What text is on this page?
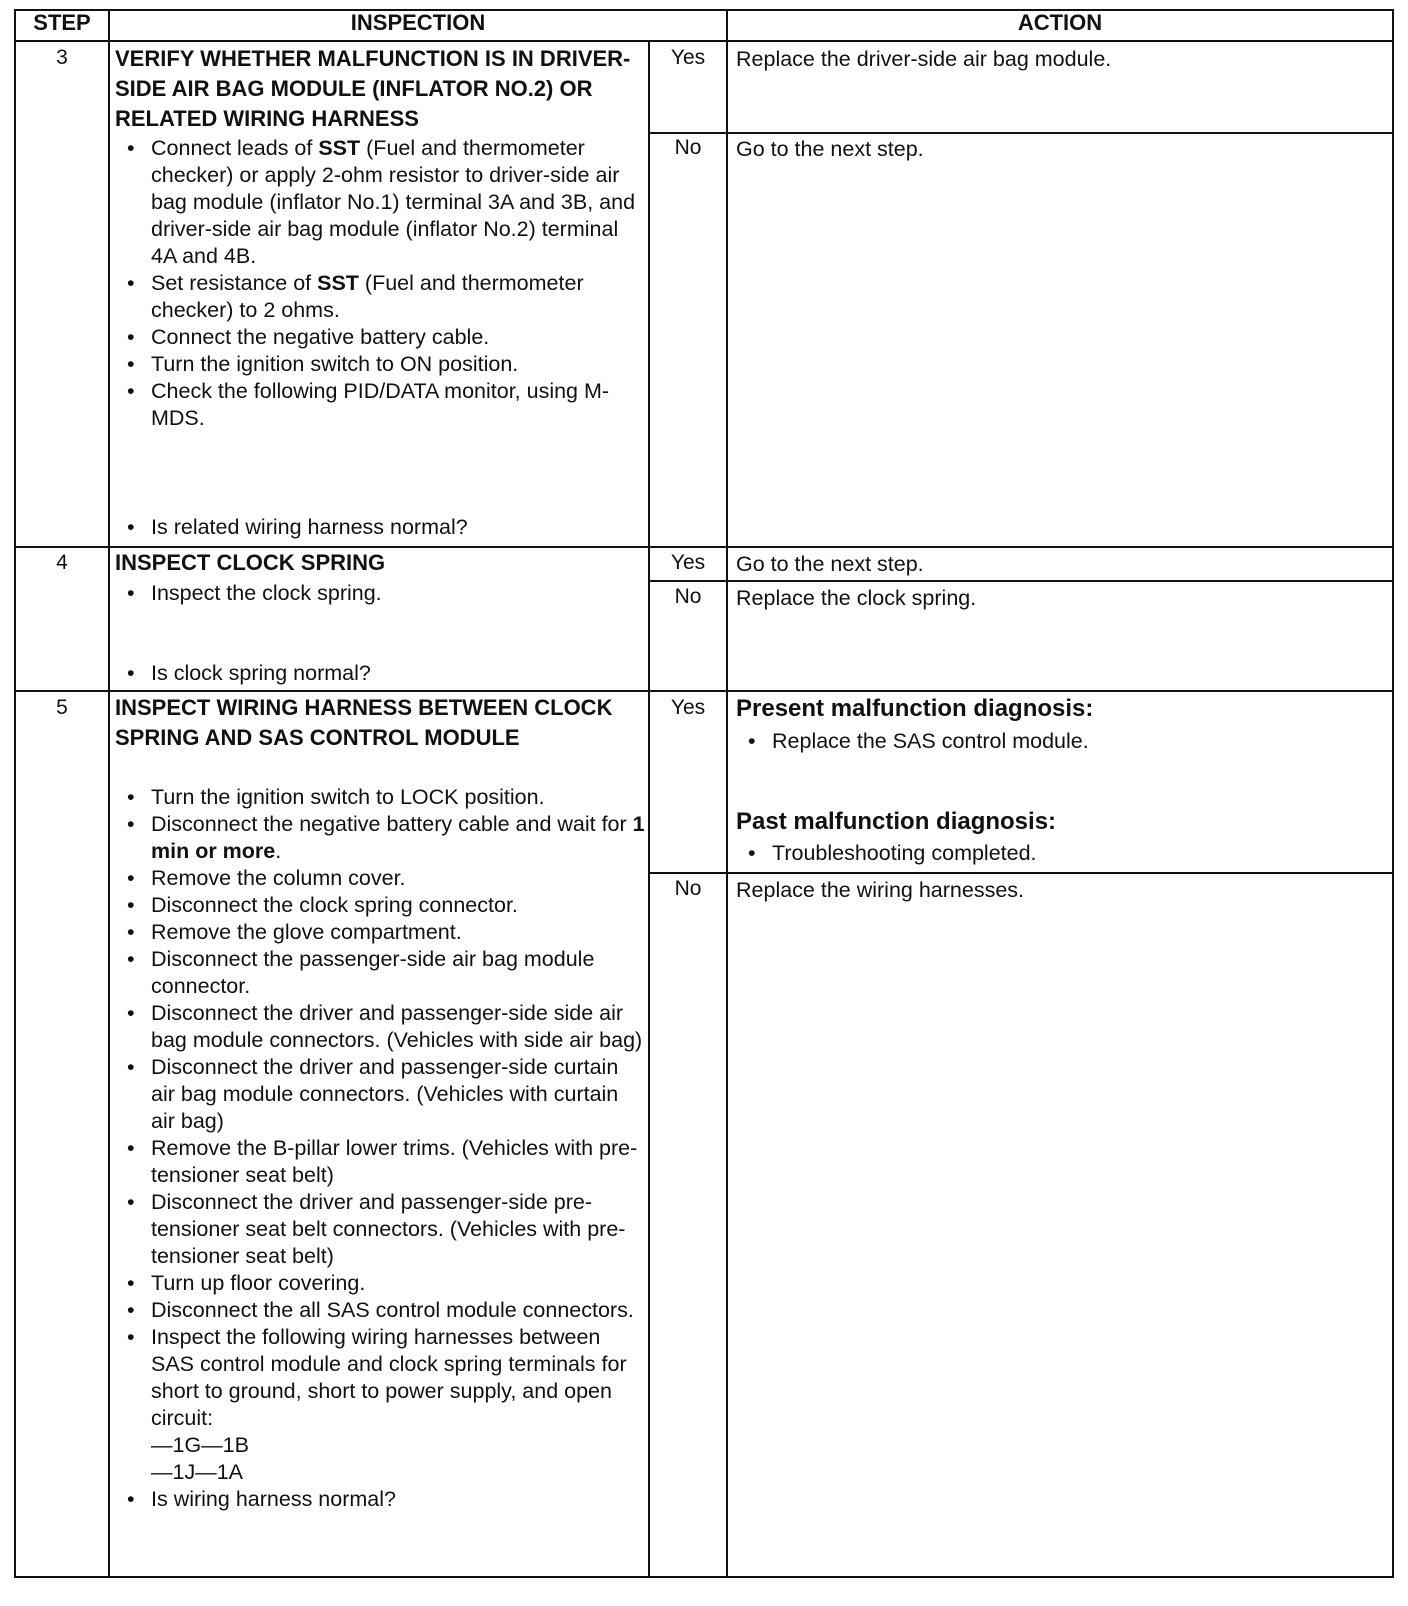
STEP	INSPECTION	ACTION
3	VERIFY WHETHER MALFUNCTION IS IN DRIVER-SIDE AIR BAG MODULE (INFLATOR NO.2) OR RELATED WIRING HARNESS
• Connect leads of SST (Fuel and thermometer checker) or apply 2-ohm resistor to driver-side air bag module (inflator No.1) terminal 3A and 3B, and driver-side air bag module (inflator No.2) terminal 4A and 4B.
• Set resistance of SST (Fuel and thermometer checker) to 2 ohms.
• Connect the negative battery cable.
• Turn the ignition switch to ON position.
• Check the following PID/DATA monitor, using M-MDS.
• Is related wiring harness normal?
Yes	Replace the driver-side air bag module.
No	Go to the next step.
4	INSPECT CLOCK SPRING
• Inspect the clock spring.
• Is clock spring normal?
Yes	Go to the next step.
No	Replace the clock spring.
5	INSPECT WIRING HARNESS BETWEEN CLOCK SPRING AND SAS CONTROL MODULE
• Turn the ignition switch to LOCK position.
• Disconnect the negative battery cable and wait for 1 min or more.
• Remove the column cover.
• Disconnect the clock spring connector.
• Remove the glove compartment.
• Disconnect the passenger-side air bag module connector.
• Disconnect the driver and passenger-side side air bag module connectors. (Vehicles with side air bag)
• Disconnect the driver and passenger-side curtain air bag module connectors. (Vehicles with curtain air bag)
• Remove the B-pillar lower trims. (Vehicles with pre-tensioner seat belt)
• Disconnect the driver and passenger-side pre-tensioner seat belt connectors. (Vehicles with pre-tensioner seat belt)
• Turn up floor covering.
• Disconnect the all SAS control module connectors.
• Inspect the following wiring harnesses between SAS control module and clock spring terminals for short to ground, short to power supply, and open circuit:
—1G—1B
—1J—1A
• Is wiring harness normal?
Yes	Present malfunction diagnosis:
• Replace the SAS control module.
Past malfunction diagnosis:
• Troubleshooting completed.
No	Replace the wiring harnesses.
